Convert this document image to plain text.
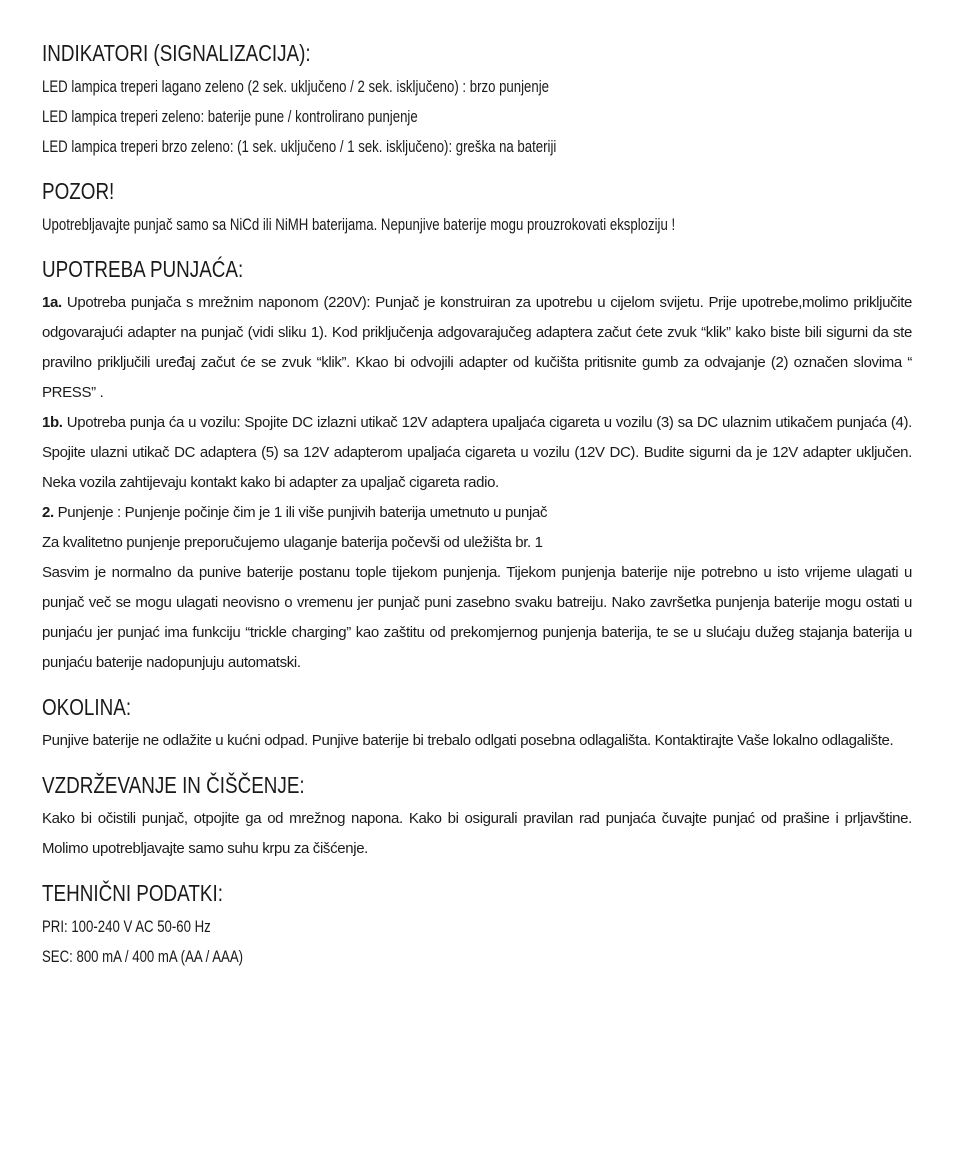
INDIKATORI (SIGNALIZACIJA):
LED lampica treperi lagano zeleno (2 sek. uključeno / 2 sek. isključeno) : brzo punjenje
LED lampica treperi zeleno: baterije pune / kontrolirano punjenje
LED lampica treperi brzo zeleno: (1 sek. uključeno / 1 sek. isključeno): greška na bateriji
POZOR!
Upotrebljavajte punjač samo sa NiCd ili NiMH baterijama. Nepunjive baterije mogu prouzrokovati eksploziju !
UPOTREBA PUNJAĆA:
1a. Upotreba punjača s mrežnim naponom (220V): Punjač je konstruiran za upotrebu u cijelom svijetu. Prije upotrebe,molimo priključite odgovarajući adapter na punjač (vidi sliku 1). Kod priključenja adgovarajučeg adaptera začut ćete zvuk “klik” kako biste bili sigurni da ste pravilno priključili uređaj začut će se zvuk “klik”. Kkao bi odvojili adapter od kučišta pritisnite gumb za odvajanje (2) označen slovima “ PRESS” .
1b. Upotreba punja ća u vozilu: Spojite DC izlazni utikač 12V adaptera upaljaća cigareta u vozilu (3) sa DC ulaznim utikačem punjaća (4). Spojite ulazni utikač DC adaptera (5) sa 12V adapterom upaljaća cigareta u vozilu (12V DC). Budite sigurni da je 12V adapter uključen. Neka vozila zahtijevaju kontakt kako bi adapter za upaljač cigareta radio.
2. Punjenje : Punjenje počinje čim je 1 ili više punjivih baterija umetnuto u punjač
Za kvalitetno punjenje preporučujemo ulaganje baterija počevši od uležišta br. 1
Sasvim je normalno da punive baterije postanu tople tijekom punjenja. Tijekom punjenja baterije nije potrebno u isto vrijeme ulagati u punjač več se mogu ulagati neovisno o vremenu jer punjač puni zasebno svaku batreiju. Nako završetka punjenja baterije mogu ostati u punjaću jer punjać ima funkciju “trickle charging” kao zaštitu od prekomjernog punjenja baterija, te se u slućaju dužeg stajanja baterija u punjaću baterije nadopunjuju automatski.
OKOLINA:
Punjive baterije ne odlažite u kućni odpad. Punjive baterije bi trebalo odlgati posebna odlagališta. Kontaktirajte Vaše lokalno odlagalište.
VZDRŽEVANJE IN ČIŠČENJE:
Kako bi očistili punjač, otpojite ga od mrežnog napona. Kako bi osigurali pravilan rad punjaća čuvajte punjać od prašine i prljavštine. Molimo upotrebljavajte samo suhu krpu za čišćenje.
TEHNIČNI PODATKI:
PRI: 100-240 V AC 50-60 Hz
SEC: 800 mA / 400 mA (AA / AAA)
